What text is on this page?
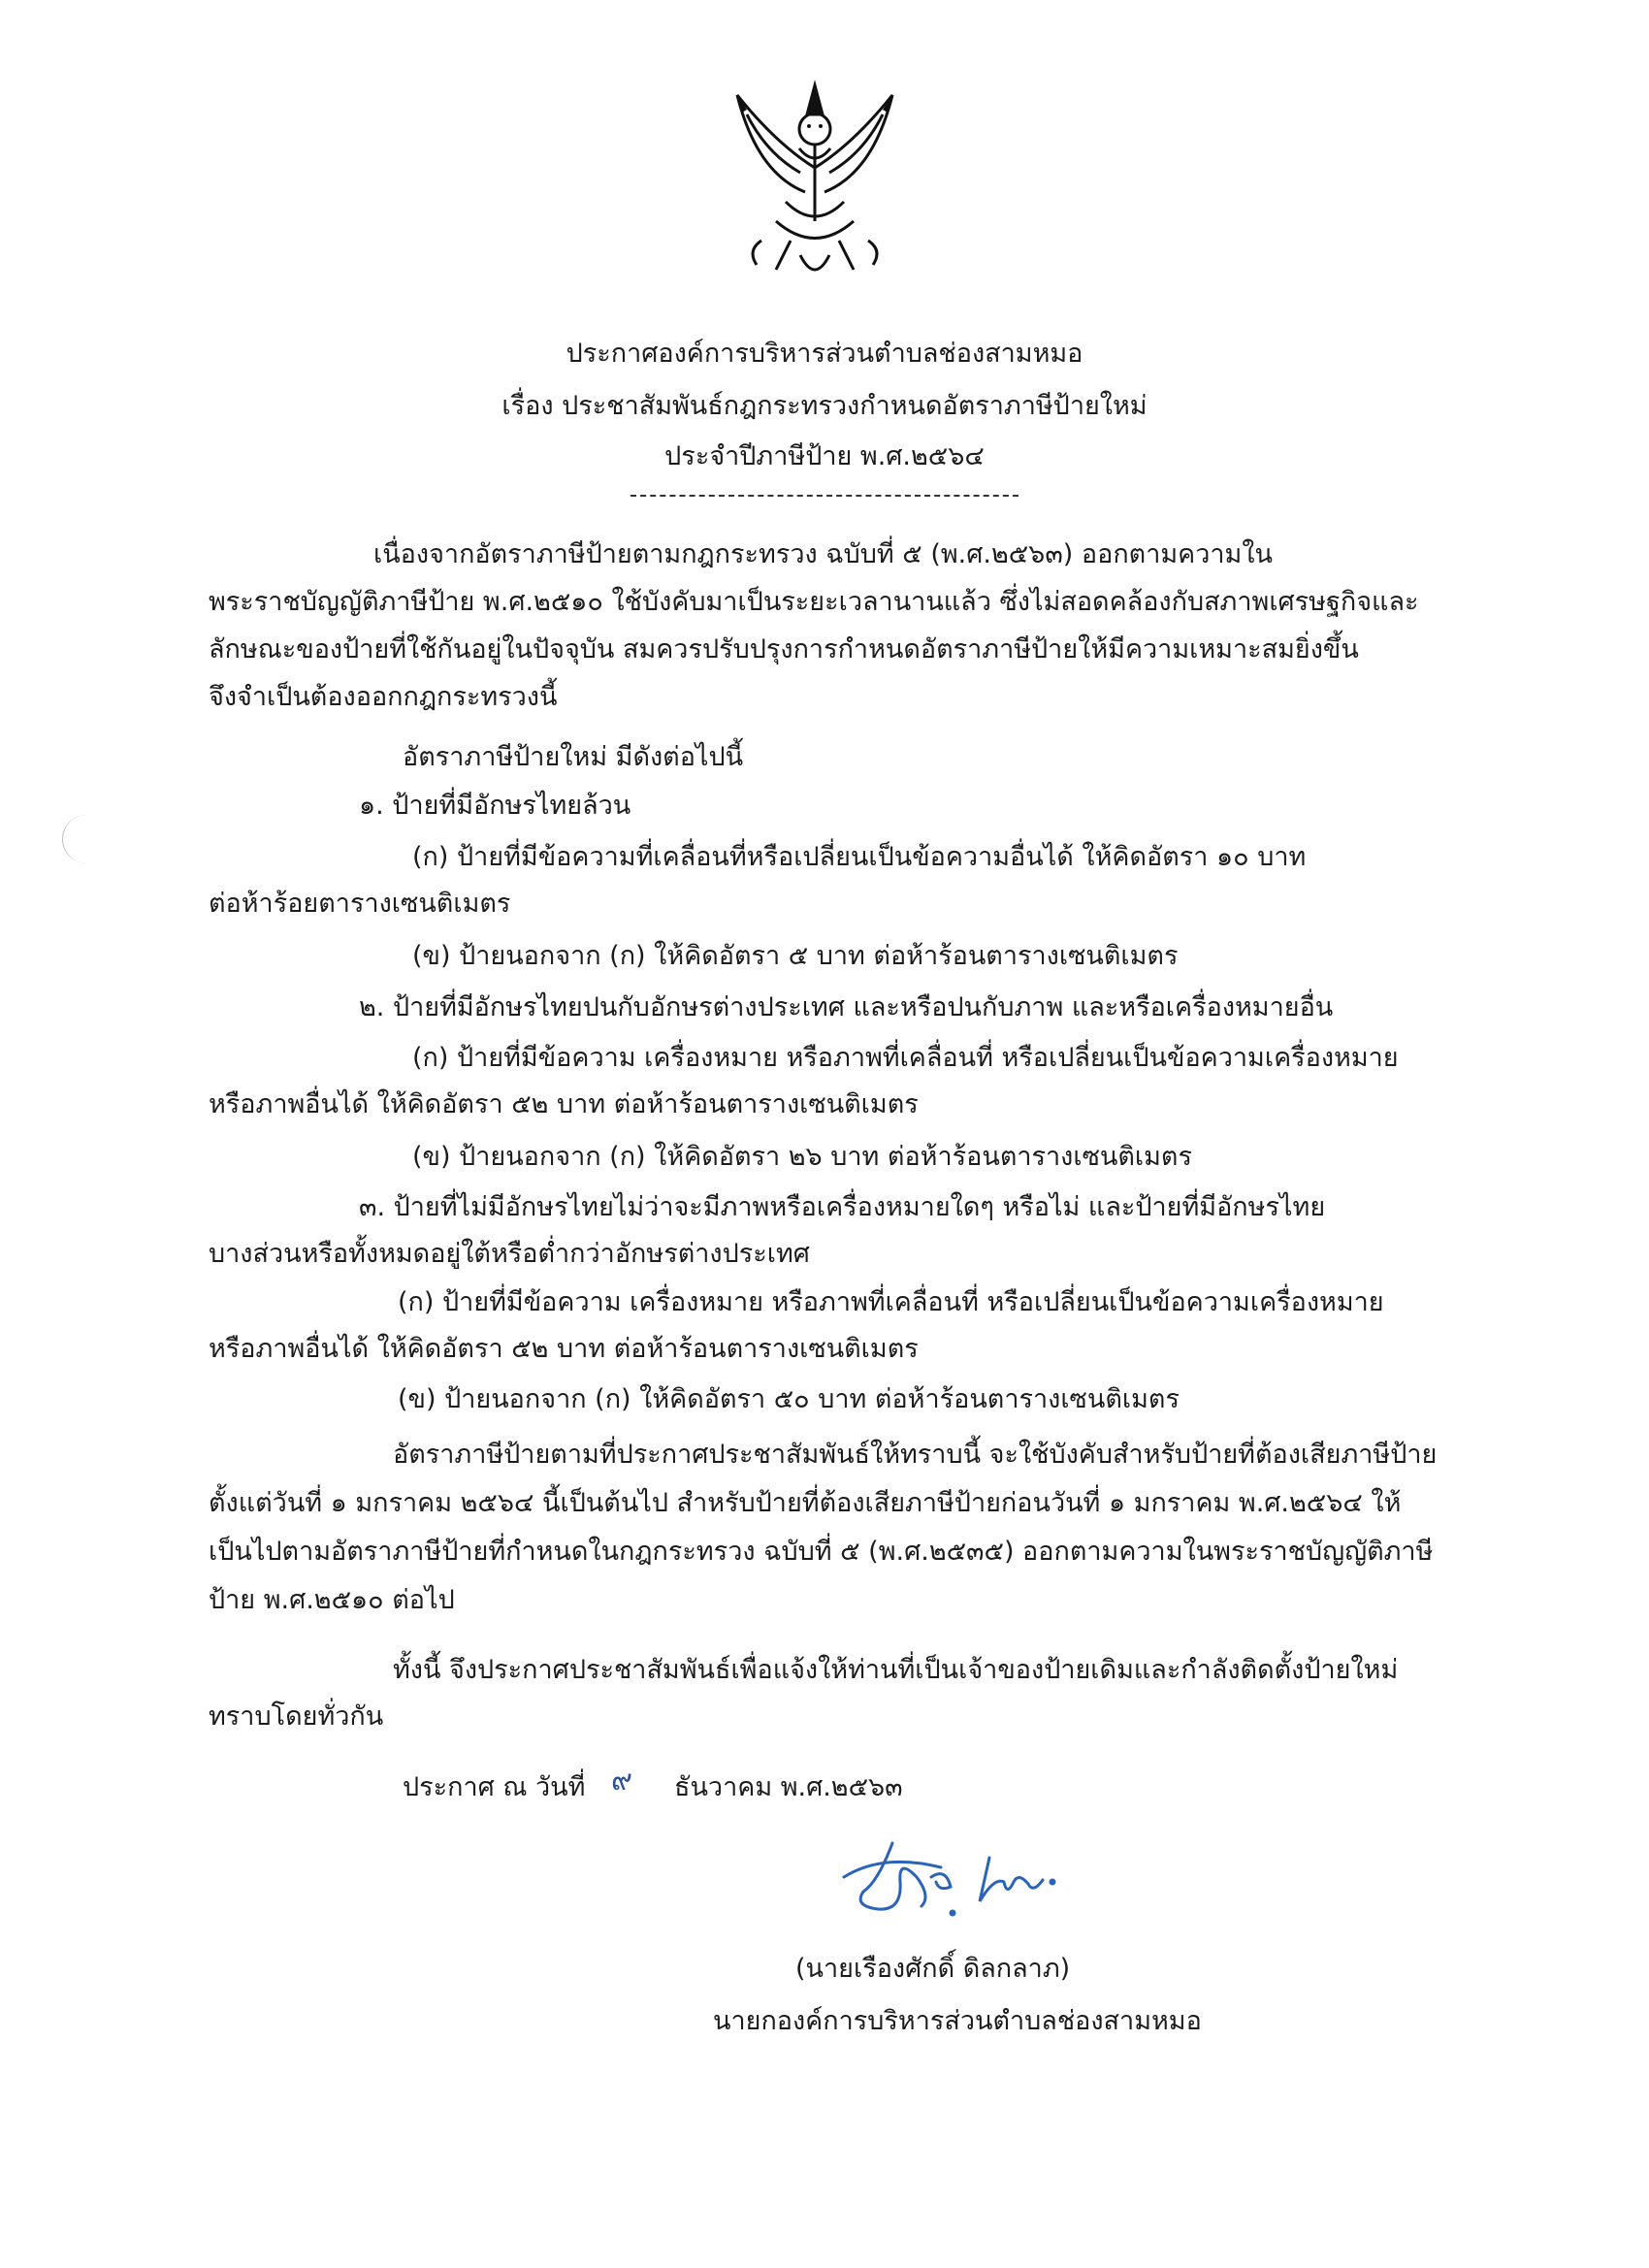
ประกาศองค์การบริหารส่วนตำบลช่องสามหมอ
เรื่อง ประชาสัมพันธ์กฎกระทรวงกำหนดอัตราภาษีป้ายใหม่
ประจำปีภาษีป้าย พ.ศ.๒๕๖๔
เนื่องจากอัตราภาษีป้ายตามกฎกระทรวง ฉบับที่ ๕ (พ.ศ.๒๕๖๓) ออกตามความใน
พระราชบัญญัติภาษีป้าย พ.ศ.๒๕๑๐ ใช้บังคับมาเป็นระยะเวลานานแล้ว ซึ่งไม่สอดคล้องกับสภาพเศรษฐกิจและ
ลักษณะของป้ายที่ใช้กันอยู่ในปัจจุบัน สมควรปรับปรุงการกำหนดอัตราภาษีป้ายให้มีความเหมาะสมยิ่งขึ้น
จึงจำเป็นต้องออกกฎกระทรวงนี้
อัตราภาษีป้ายใหม่ มีดังต่อไปนี้
๑. ป้ายที่มีอักษรไทยล้วน
(ก) ป้ายที่มีข้อความที่เคลื่อนที่หรือเปลี่ยนเป็นข้อความอื่นได้ ให้คิดอัตรา ๑๐ บาท
ต่อห้าร้อยตารางเซนติเมตร
(ข) ป้ายนอกจาก (ก) ให้คิดอัตรา ๕ บาท ต่อห้าร้อนตารางเซนติเมตร
๒. ป้ายที่มีอักษรไทยปนกับอักษรต่างประเทศ และหรือปนกับภาพ และหรือเครื่องหมายอื่น
(ก) ป้ายที่มีข้อความ เครื่องหมาย หรือภาพที่เคลื่อนที่ หรือเปลี่ยนเป็นข้อความเครื่องหมาย
หรือภาพอื่นได้ ให้คิดอัตรา ๕๒ บาท ต่อห้าร้อนตารางเซนติเมตร
(ข) ป้ายนอกจาก (ก) ให้คิดอัตรา ๒๖ บาท ต่อห้าร้อนตารางเซนติเมตร
๓. ป้ายที่ไม่มีอักษรไทยไม่ว่าจะมีภาพหรือเครื่องหมายใดๆ หรือไม่ และป้ายที่มีอักษรไทย
บางส่วนหรือทั้งหมดอยู่ใต้หรือต่ำกว่าอักษรต่างประเทศ
(ก) ป้ายที่มีข้อความ เครื่องหมาย หรือภาพที่เคลื่อนที่ หรือเปลี่ยนเป็นข้อความเครื่องหมาย
หรือภาพอื่นได้ ให้คิดอัตรา ๕๒ บาท ต่อห้าร้อนตารางเซนติเมตร
(ข) ป้ายนอกจาก (ก) ให้คิดอัตรา ๕๐ บาท ต่อห้าร้อนตารางเซนติเมตร
อัตราภาษีป้ายตามที่ประกาศประชาสัมพันธ์ให้ทราบนี้ จะใช้บังคับสำหรับป้ายที่ต้องเสียภาษีป้าย
ตั้งแต่วันที่ ๑ มกราคม ๒๕๖๔ นี้เป็นต้นไป สำหรับป้ายที่ต้องเสียภาษีป้ายก่อนวันที่ ๑ มกราคม พ.ศ.๒๕๖๔ ให้
เป็นไปตามอัตราภาษีป้ายที่กำหนดในกฎกระทรวง ฉบับที่ ๕ (พ.ศ.๒๕๓๕) ออกตามความในพระราชบัญญัติภาษี
ป้าย พ.ศ.๒๕๑๐ ต่อไป
ทั้งนี้ จึงประกาศประชาสัมพันธ์เพื่อแจ้งให้ท่านที่เป็นเจ้าของป้ายเดิมและกำลังติดตั้งป้ายใหม่
ทราบโดยทั่วกัน
ประกาศ ณ วันที่ ๙ ธันวาคม พ.ศ.๒๕๖๓
(นายเรืองศักดิ์ ดิลกลาภ)
นายกองค์การบริหารส่วนตำบลช่องสามหมอ
